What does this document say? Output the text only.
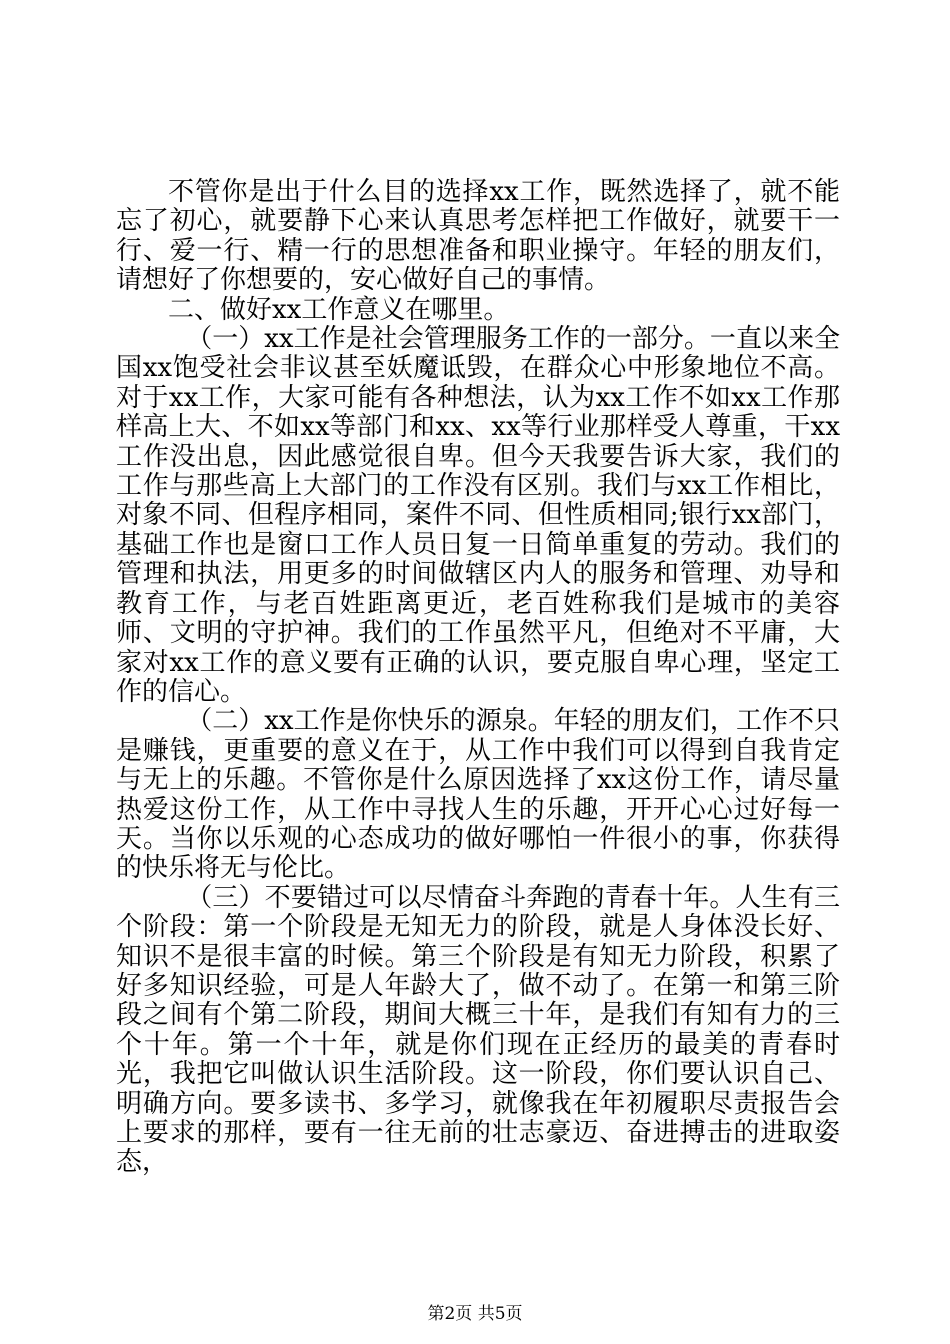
不管你是出于什么目的选择xx工作，既然选择了，就不能忘了初心，就要静下心来认真思考怎样把工作做好，就要干一行、爱一行、精一行的思想准备和职业操守。年轻的朋友们，请想好了你想要的，安心做好自己的事情。

二、做好xx工作意义在哪里。

（一）xx工作是社会管理服务工作的一部分。一直以来全国xx饱受社会非议甚至妖魔诋毁，在群众心中形象地位不高。对于xx工作，大家可能有各种想法，认为xx工作不如xx工作那样高上大、不如xx等部门和xx、xx等行业那样受人尊重，干xx工作没出息，因此感觉很自卑。但今天我要告诉大家，我们的工作与那些高上大部门的工作没有区别。我们与xx工作相比，对象不同、但程序相同，案件不同、但性质相同;银行xx部门，基础工作也是窗口工作人员日复一日简单重复的劳动。我们的管理和执法，用更多的时间做辖区内人的服务和管理、劝导和教育工作，与老百姓距离更近，老百姓称我们是城市的美容师、文明的守护神。我们的工作虽然平凡，但绝对不平庸，大家对xx工作的意义要有正确的认识，要克服自卑心理，坚定工作的信心。

（二）xx工作是你快乐的源泉。年轻的朋友们，工作不只是赚钱，更重要的意义在于，从工作中我们可以得到自我肯定与无上的乐趣。不管你是什么原因选择了xx这份工作，请尽量热爱这份工作，从工作中寻找人生的乐趣，开开心心过好每一天。当你以乐观的心态成功的做好哪怕一件很小的事，你获得的快乐将无与伦比。

（三）不要错过可以尽情奋斗奔跑的青春十年。人生有三个阶段：第一个阶段是无知无力的阶段，就是人身体没长好、知识不是很丰富的时候。第三个阶段是有知无力阶段，积累了好多知识经验，可是人年龄大了，做不动了。在第一和第三阶段之间有个第二阶段，期间大概三十年，是我们有知有力的三个十年。第一个十年，就是你们现在正经历的最美的青春时光，我把它叫做认识生活阶段。这一阶段，你们要认识自己、明确方向。要多读书、多学习，就像我在年初履职尽责报告会上要求的那样，要有一往无前的壮志豪迈、奋进搏击的进取姿态，

第2页 共5页
